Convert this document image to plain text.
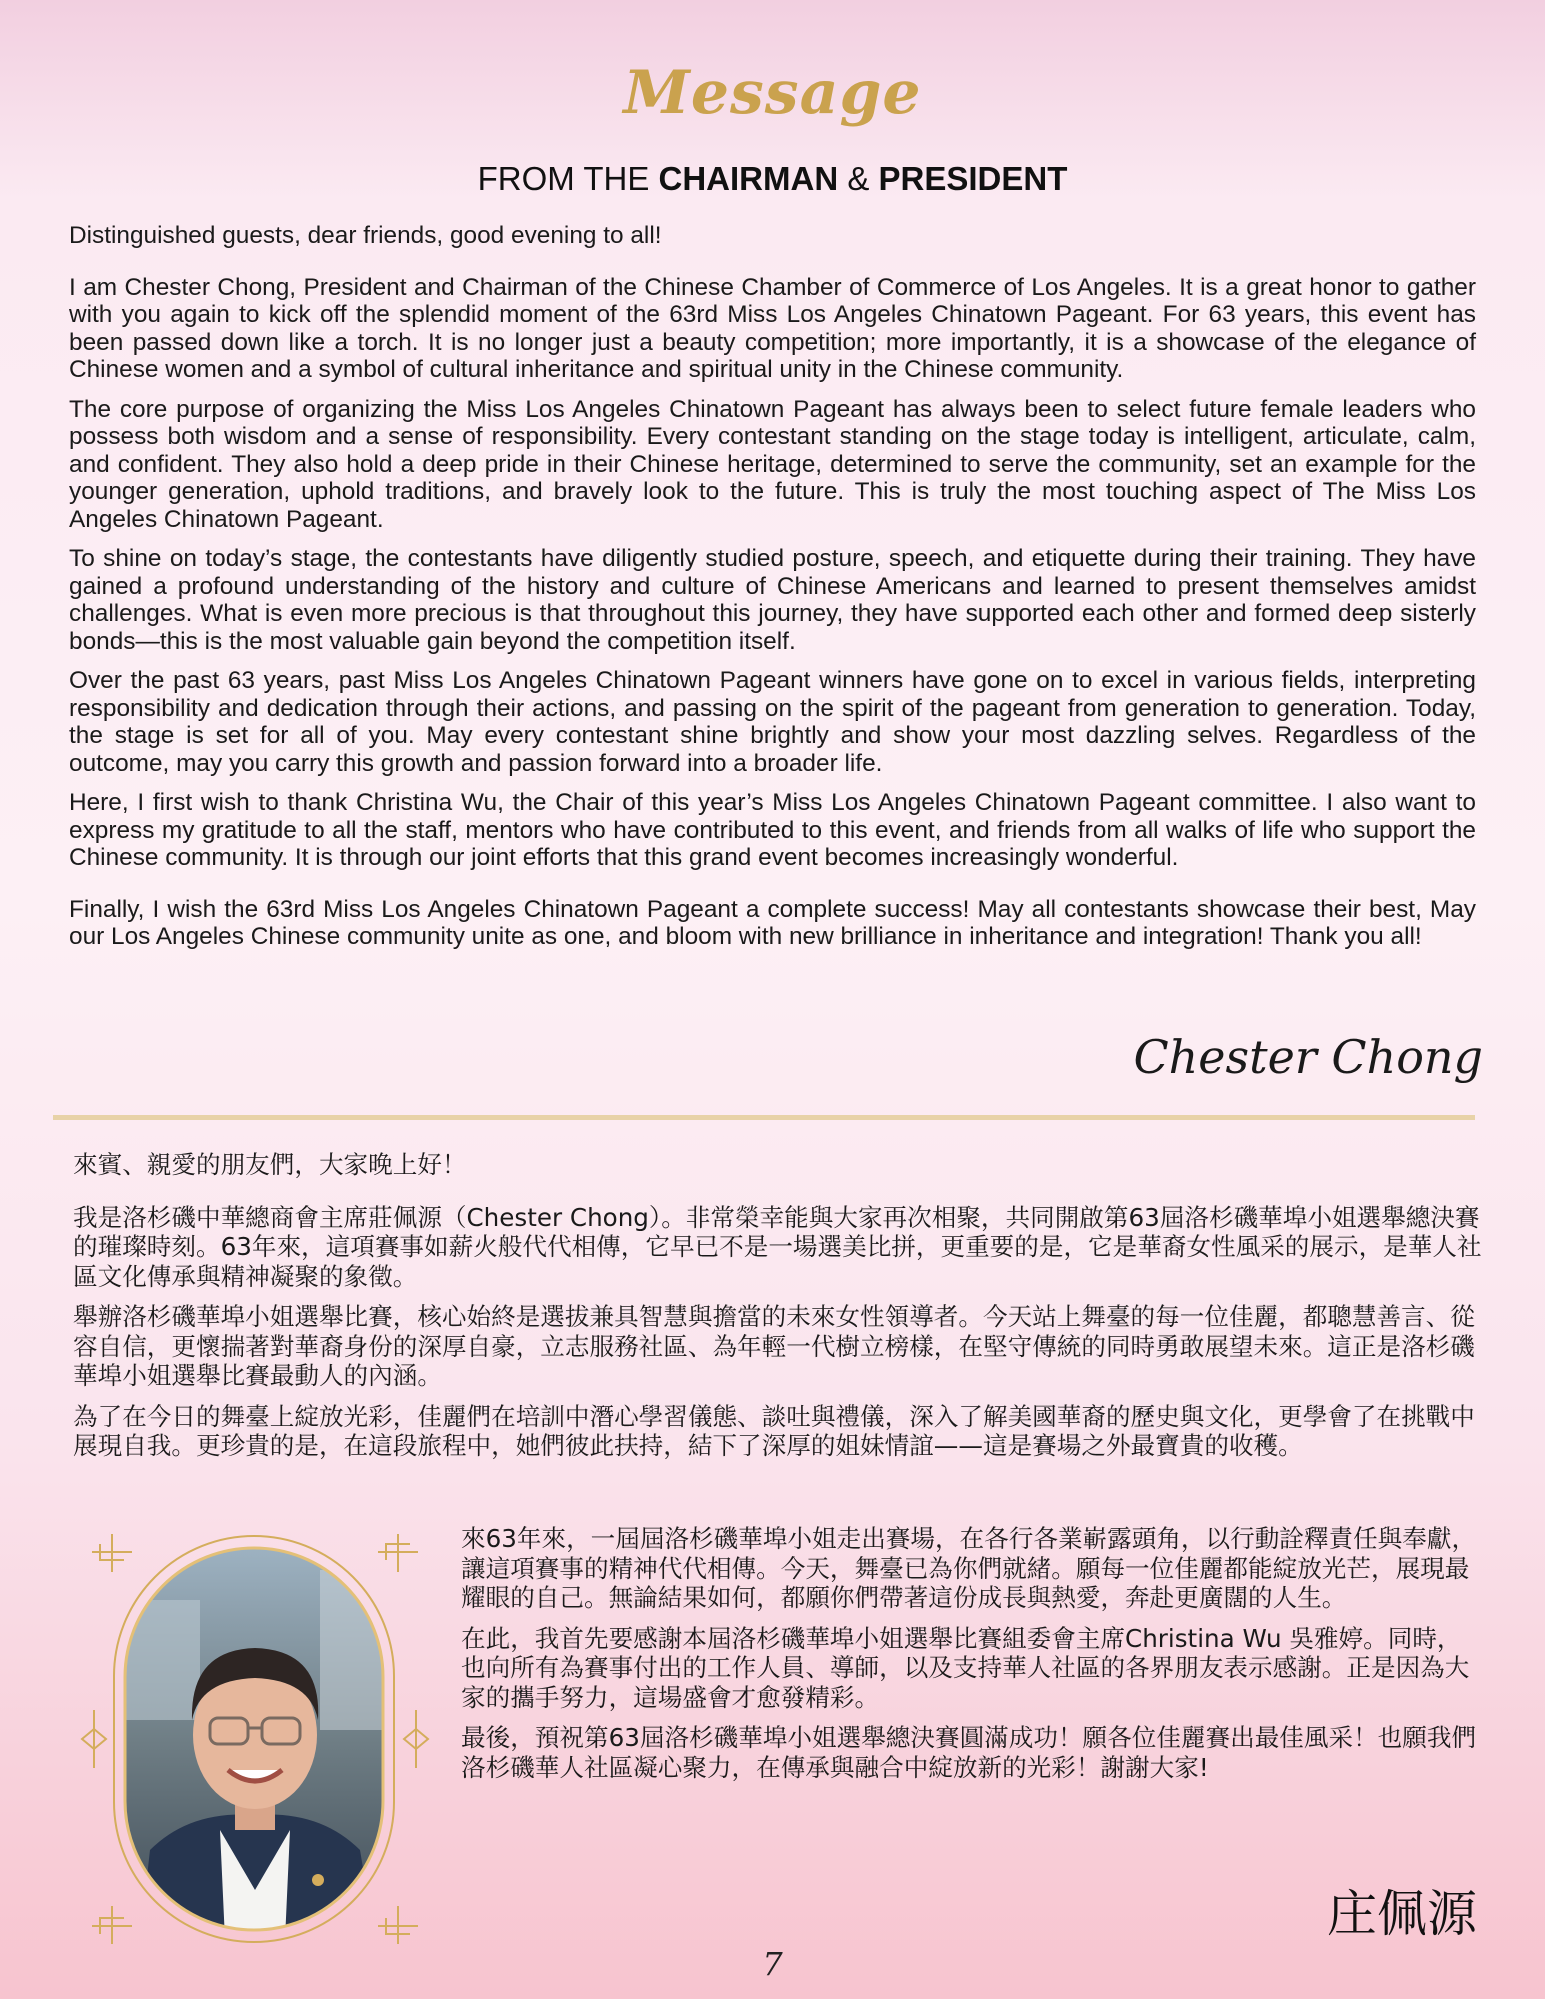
Message
FROM THE CHAIRMAN & PRESIDENT

Distinguished guests, dear friends, good evening to all!

I am Chester Chong, President and Chairman of the Chinese Chamber of Commerce of Los Angeles. It is a great honor to gather with you again to kick off the splendid moment of the 63rd Miss Los Angeles Chinatown Pageant. For 63 years, this event has been passed down like a torch. It is no longer just a beauty competition; more importantly, it is a showcase of the elegance of Chinese women and a symbol of cultural inheritance and spiritual unity in the Chinese community.

The core purpose of organizing the Miss Los Angeles Chinatown Pageant has always been to select future female leaders who possess both wisdom and a sense of responsibility. Every contestant standing on the stage today is intelligent, articulate, calm, and confident. They also hold a deep pride in their Chinese heritage, determined to serve the community, set an example for the younger generation, uphold traditions, and bravely look to the future. This is truly the most touching aspect of The Miss Los Angeles Chinatown Pageant.

To shine on today’s stage, the contestants have diligently studied posture, speech, and etiquette during their training. They have gained a profound understanding of the history and culture of Chinese Americans and learned to present themselves amidst challenges. What is even more precious is that throughout this journey, they have supported each other and formed deep sisterly bonds—this is the most valuable gain beyond the competition itself.

Over the past 63 years, past Miss Los Angeles Chinatown Pageant winners have gone on to excel in various fields, interpreting responsibility and dedication through their actions, and passing on the spirit of the pageant from generation to generation. Today, the stage is set for all of you. May every contestant shine brightly and show your most dazzling selves. Regardless of the outcome, may you carry this growth and passion forward into a broader life.

Here, I first wish to thank Christina Wu, the Chair of this year’s Miss Los Angeles Chinatown Pageant committee. I also want to express my gratitude to all the staff, mentors who have contributed to this event, and friends from all walks of life who support the Chinese community. It is through our joint efforts that this grand event becomes increasingly wonderful.

Finally, I wish the 63rd Miss Los Angeles Chinatown Pageant a complete success! May all contestants showcase their best, May our Los Angeles Chinese community unite as one, and bloom with new brilliance in inheritance and integration! Thank you all!

Chester Chong

來賓、親愛的朋友們，大家晚上好！

我是洛杉磯中華總商會主席莊佩源（Chester Chong）。非常榮幸能與大家再次相聚，共同開啟第63屆洛杉磯華埠小姐選舉總決賽的璀璨時刻。63年來，這項賽事如薪火般代代相傳，它早已不是一場選美比拼，更重要的是，它是華裔女性風采的展示，是華人社區文化傳承與精神凝聚的象徵。

舉辦洛杉磯華埠小姐選舉比賽，核心始終是選拔兼具智慧與擔當的未來女性領導者。今天站上舞臺的每一位佳麗，都聰慧善言、從容自信，更懷揣著對華裔身份的深厚自豪，立志服務社區、為年輕一代樹立榜樣，在堅守傳統的同時勇敢展望未來。這正是洛杉磯華埠小姐選舉比賽最動人的內涵。

為了在今日的舞臺上綻放光彩，佳麗們在培訓中潛心學習儀態、談吐與禮儀，深入了解美國華裔的歷史與文化，更學會了在挑戰中展現自我。更珍貴的是，在這段旅程中，她們彼此扶持，結下了深厚的姐妹情誼——這是賽場之外最寶貴的收穫。

來63年來，一屆屆洛杉磯華埠小姐走出賽場，在各行各業嶄露頭角，以行動詮釋責任與奉獻，讓這項賽事的精神代代相傳。今天，舞臺已為你們就緒。願每一位佳麗都能綻放光芒，展現最耀眼的自己。無論結果如何，都願你們帶著這份成長與熱愛，奔赴更廣闊的人生。

在此，我首先要感謝本屆洛杉磯華埠小姐選舉比賽組委會主席Christina Wu 吳雅婷。同時，也向所有為賽事付出的工作人員、導師，以及支持華人社區的各界朋友表示感謝。正是因為大家的攜手努力，這場盛會才愈發精彩。

最後，預祝第63屆洛杉磯華埠小姐選舉總決賽圓滿成功！願各位佳麗賽出最佳風采！也願我們洛杉磯華人社區凝心聚力，在傳承與融合中綻放新的光彩！謝謝大家!

庄佩源
7
